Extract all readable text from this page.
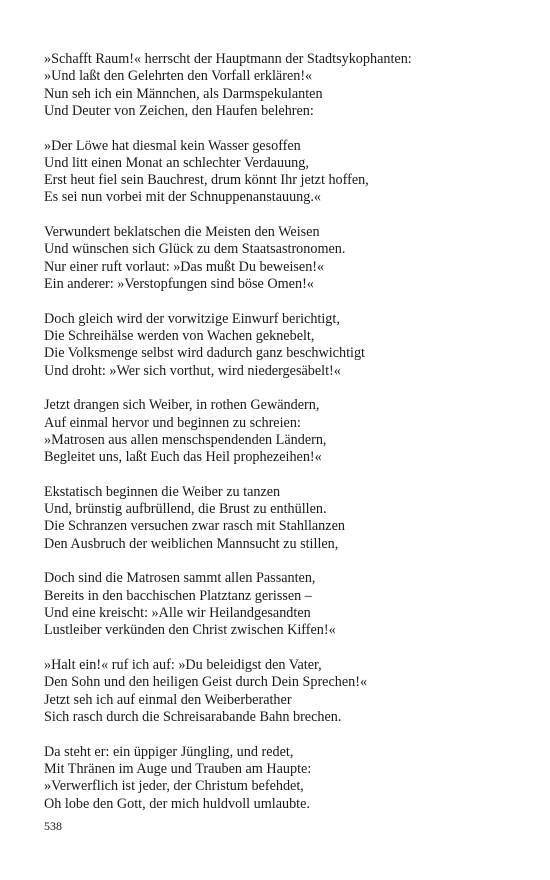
»Schafft Raum!« herrscht der Hauptmann der Stadtsykophanten:
»Und laßt den Gelehrten den Vorfall erklären!«
Nun seh ich ein Männchen, als Darmspekulanten
Und Deuter von Zeichen, den Haufen belehren:
»Der Löwe hat diesmal kein Wasser gesoffen
Und litt einen Monat an schlechter Verdauung,
Erst heut fiel sein Bauchrest, drum könnt Ihr jetzt hoffen,
Es sei nun vorbei mit der Schnuppenanstauung.«
Verwundert beklatschen die Meisten den Weisen
Und wünschen sich Glück zu dem Staatsastronomen.
Nur einer ruft vorlaut: »Das mußt Du beweisen!«
Ein anderer: »Verstopfungen sind böse Omen!«
Doch gleich wird der vorwitzige Einwurf berichtigt,
Die Schreihälse werden von Wachen geknebelt,
Die Volksmenge selbst wird dadurch ganz beschwichtigt
Und droht: »Wer sich vorthut, wird niedergesäbelt!«
Jetzt drangen sich Weiber, in rothen Gewändern,
Auf einmal hervor und beginnen zu schreien:
»Matrosen aus allen menschspendenden Ländern,
Begleitet uns, laßt Euch das Heil prophezeihen!«
Ekstatisch beginnen die Weiber zu tanzen
Und, brünstig aufbrüllend, die Brust zu enthüllen.
Die Schranzen versuchen zwar rasch mit Stahllanzen
Den Ausbruch der weiblichen Mannsucht zu stillen,
Doch sind die Matrosen sammt allen Passanten,
Bereits in den bacchischen Platztanz gerissen –
Und eine kreischt: »Alle wir Heilandgesandten
Lustleiber verkünden den Christ zwischen Kiffen!«
»Halt ein!« ruf ich auf: »Du beleidigst den Vater,
Den Sohn und den heiligen Geist durch Dein Sprechen!«
Jetzt seh ich auf einmal den Weiberberather
Sich rasch durch die Schreisarabande Bahn brechen.
Da steht er: ein üppiger Jüngling, und redet,
Mit Thränen im Auge und Trauben am Haupte:
»Verwerflich ist jeder, der Christum befehdet,
Oh lobe den Gott, der mich huldvoll umlaubte.
538
